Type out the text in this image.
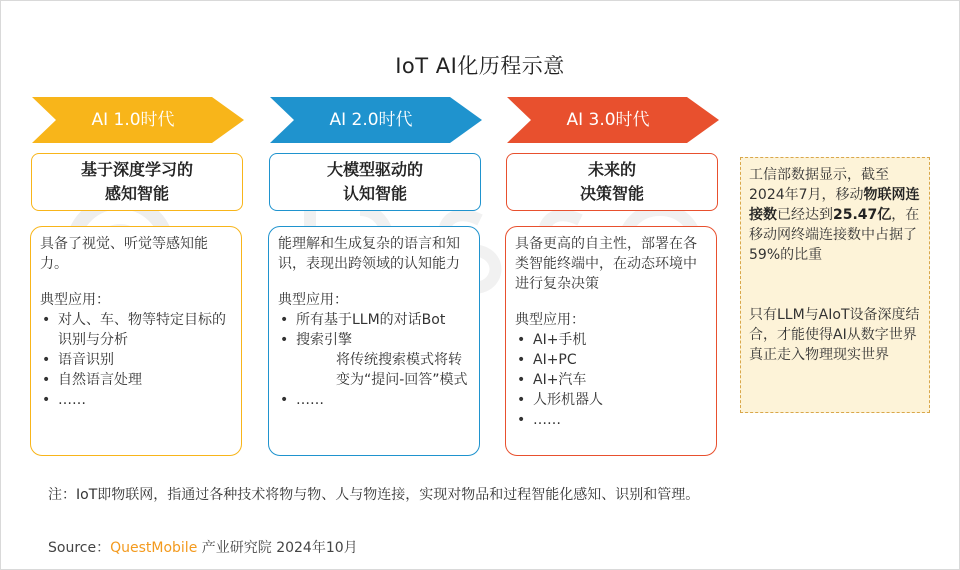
IoT AI化历程示意
AI 1.0时代
基于深度学习的
感知智能
具备了视觉、听觉等感知能力。
典型应用：
• 对人、车、物等特定目标的识别与分析
• 语音识别
• 自然语言处理
• ……
AI 2.0时代
大模型驱动的
认知智能
能理解和生成复杂的语言和知识，表现出跨领域的认知能力
典型应用：
• 所有基于LLM的对话Bot
• 搜索引擎
将传统搜索模式将转变为“提问-回答”模式
• ……
AI 3.0时代
未来的
决策智能
具备更高的自主性，部署在各类智能终端中，在动态环境中进行复杂决策
典型应用：
• AI+手机
• AI+PC
• AI+汽车
• 人形机器人
• ……
工信部数据显示，截至2024年7月，移动物联网连接数已经达到25.47亿，在移动网终端连接数中占据了59%的比重
只有LLM与AIoT设备深度结合，才能使得AI从数字世界真正走入物理现实世界
注：IoT即物联网，指通过各种技术将物与物、人与物连接，实现对物品和过程智能化感知、识别和管理。
Source：QuestMobile 产业研究院 2024年10月
